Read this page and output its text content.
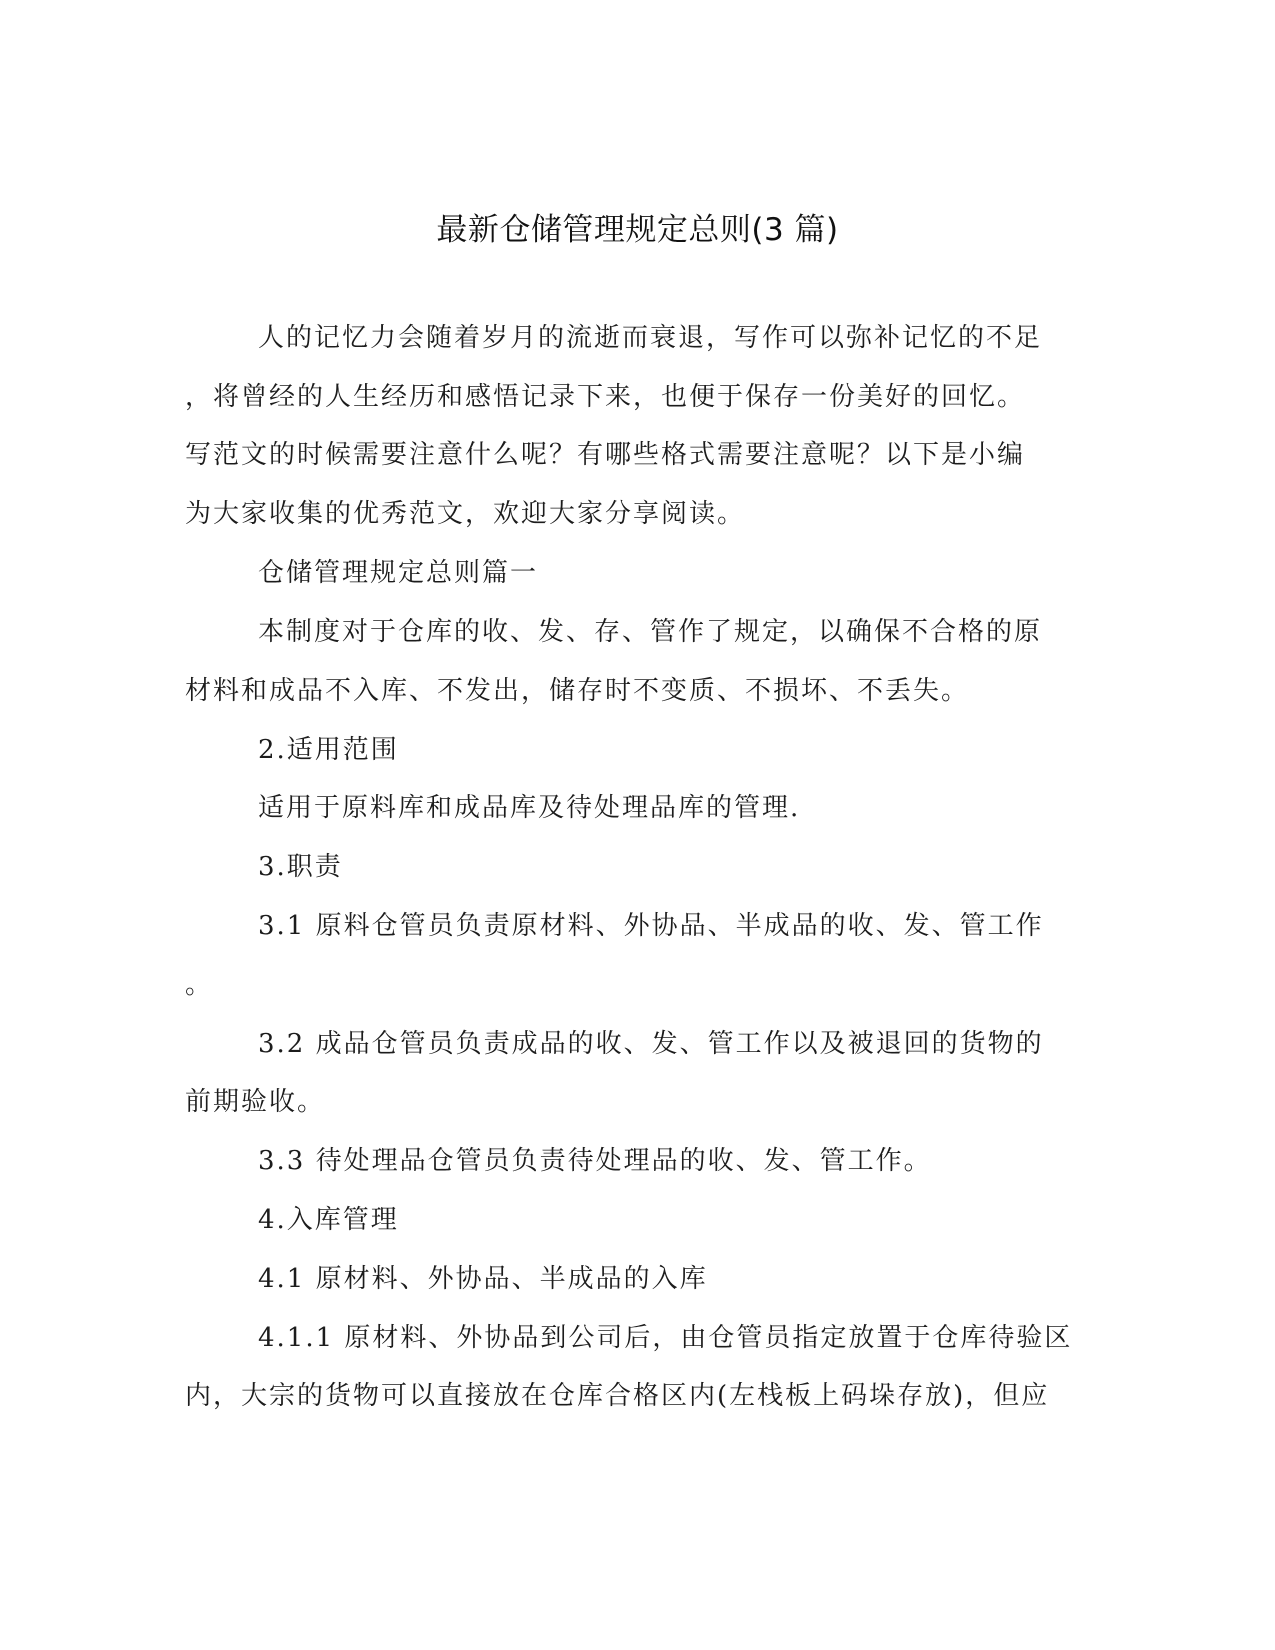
最新仓储管理规定总则(3 篇)
人的记忆力会随着岁月的流逝而衰退，写作可以弥补记忆的不足
，将曾经的人生经历和感悟记录下来，也便于保存一份美好的回忆。
写范文的时候需要注意什么呢？有哪些格式需要注意呢？以下是小编
为大家收集的优秀范文，欢迎大家分享阅读。
仓储管理规定总则篇一
本制度对于仓库的收、发、存、管作了规定，以确保不合格的原
材料和成品不入库、不发出，储存时不变质、不损坏、不丢失。
2.适用范围
适用于原料库和成品库及待处理品库的管理.
3.职责
3.1 原料仓管员负责原材料、外协品、半成品的收、发、管工作
。
3.2 成品仓管员负责成品的收、发、管工作以及被退回的货物的
前期验收。
3.3 待处理品仓管员负责待处理品的收、发、管工作。
4.入库管理
4.1 原材料、外协品、半成品的入库
4.1.1 原材料、外协品到公司后，由仓管员指定放置于仓库待验区
内，大宗的货物可以直接放在仓库合格区内(左栈板上码垛存放)，但应
